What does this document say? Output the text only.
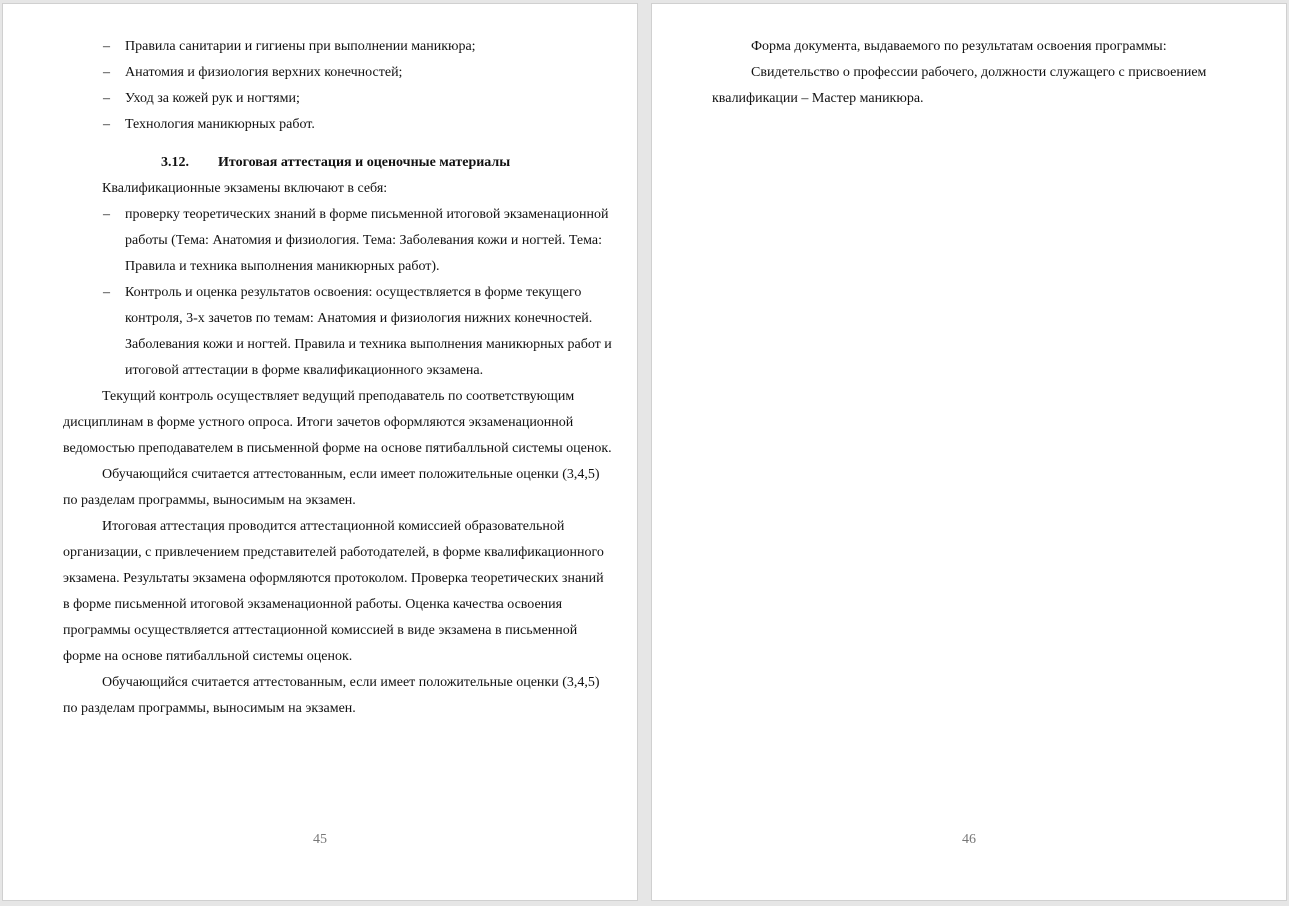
– Правила санитарии и гигиены при выполнении маникюра;
– Анатомия и физиология верхних конечностей;
– Уход за кожей рук и ногтями;
– Технология маникюрных работ.
3.12. Итоговая аттестация и оценочные материалы

Квалификационные экзамены включают в себя:

– проверку теоретических знаний в форме письменной итоговой экзаменационной работы (Тема: Анатомия и физиология. Тема: Заболевания кожи и ногтей. Тема: Правила и техника выполнения маникюрных работ).
– Контроль и оценка результатов освоения: осуществляется в форме текущего контроля, 3-х зачетов по темам: Анатомия и физиология нижних конечностей. Заболевания кожи и ногтей. Правила и техника выполнения маникюрных работ и итоговой аттестации в форме квалификационного экзамена.

Текущий контроль осуществляет ведущий преподаватель по соответствующим дисциплинам в форме устного опроса. Итоги зачетов оформляются экзаменационной ведомостью преподавателем в письменной форме на основе пятибалльной системы оценок.

Обучающийся считается аттестованным, если имеет положительные оценки (3,4,5) по разделам программы, выносимым на экзамен.

Итоговая аттестация проводится аттестационной комиссией образовательной организации, с привлечением представителей работодателей, в форме квалификационного экзамена. Результаты экзамена оформляются протоколом. Проверка теоретических знаний в форме письменной итоговой экзаменационной работы. Оценка качества освоения программы осуществляется аттестационной комиссией в виде экзамена в письменной форме на основе пятибалльной системы оценок.

Обучающийся считается аттестованным, если имеет положительные оценки (3,4,5) по разделам программы, выносимым на экзамен.

45

Форма документа, выдаваемого по результатам освоения программы:

Свидетельство о профессии рабочего, должности служащего с присвоением квалификации – Мастер маникюра.

46
